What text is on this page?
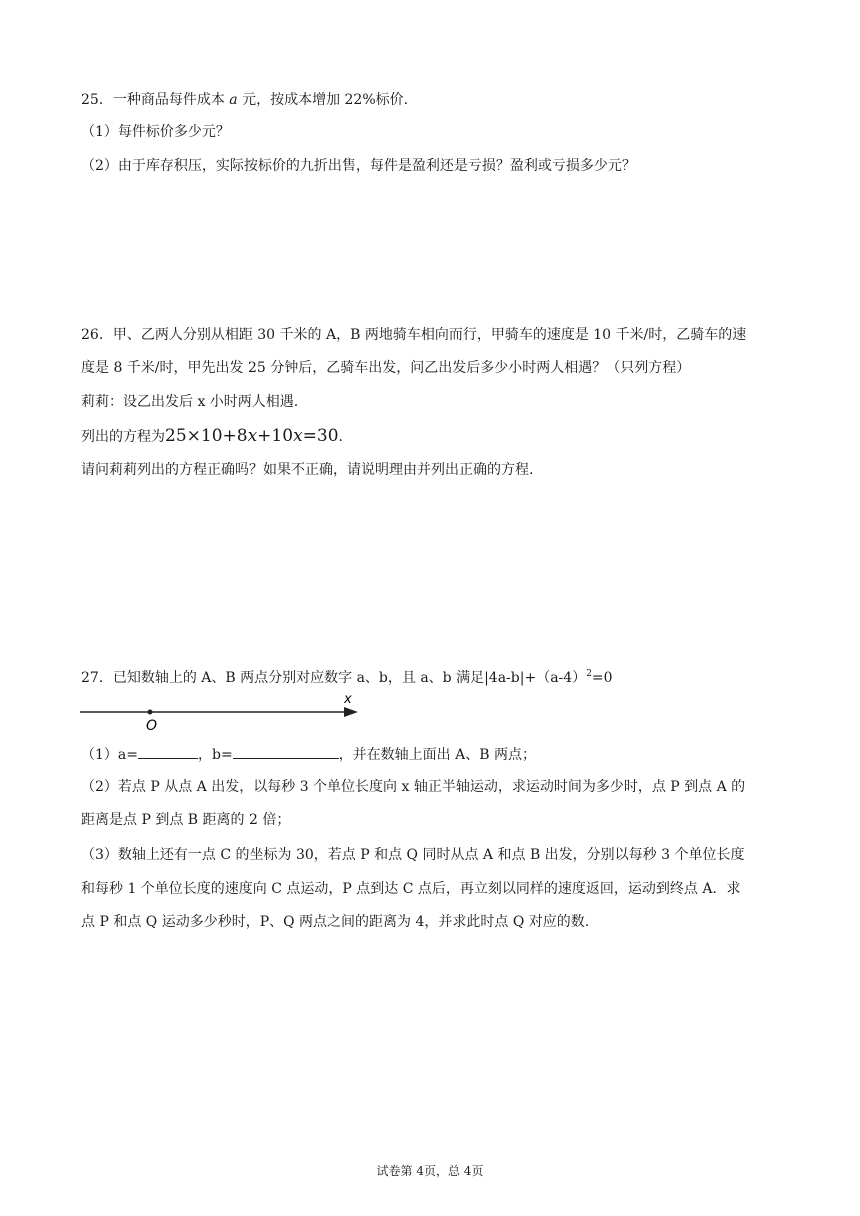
25．一种商品每件成本 a 元，按成本增加 22%标价.
（1）每件标价多少元？
（2）由于库存积压，实际按标价的九折出售，每件是盈利还是亏损？盈利或亏损多少元？
26．甲、乙两人分别从相距 30 千米的 A，B 两地骑车相向而行，甲骑车的速度是 10 千米/时，乙骑车的速
度是 8 千米/时，甲先出发 25 分钟后，乙骑车出发，问乙出发后多少小时两人相遇？（只列方程）
莉莉：设乙出发后 x 小时两人相遇.
列出的方程为25×10+8x+10x=30.
请问莉莉列出的方程正确吗？如果不正确，请说明理由并列出正确的方程.
27．已知数轴上的 A、B 两点分别对应数字 a、b，且 a、b 满足$|4a-b|+(a-4)^2=0$
O
x
（1）a=	，b=	，并在数轴上面出 A、B 两点；
（2）若点 P 从点 A 出发，以每秒 3 个单位长度向 x 轴正半轴运动，求运动时间为多少时，点 P 到点 A 的
距离是点 P 到点 B 距离的 2 倍；
（3）数轴上还有一点 C 的坐标为 30，若点 P 和点 Q 同时从点 A 和点 B 出发，分别以每秒 3 个单位长度
和每秒 1 个单位长度的速度向 C 点运动，P 点到达 C 点后，再立刻以同样的速度返回，运动到终点 A．求
点 P 和点 Q 运动多少秒时，P、Q 两点之间的距离为 4，并求此时点 Q 对应的数.
试卷第 4页，总 4页
